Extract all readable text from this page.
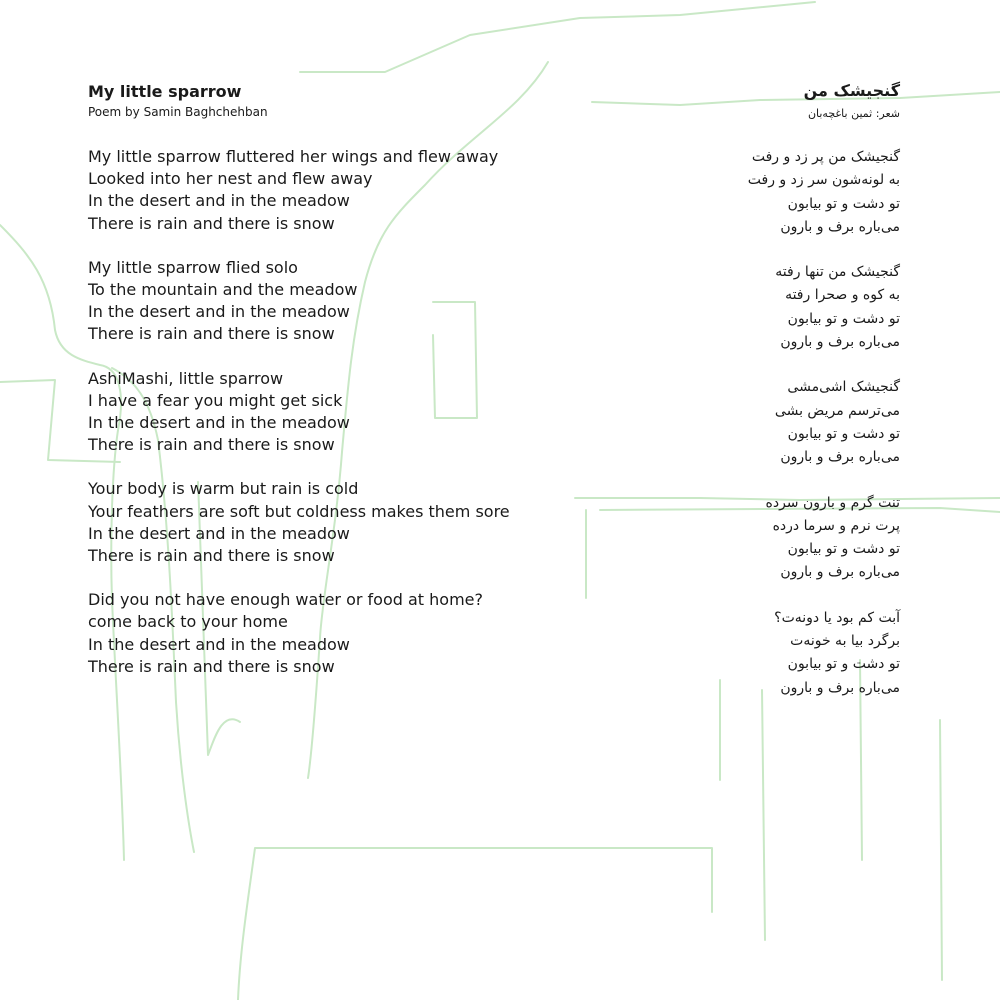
My little sparrow
Poem by Samin Baghchehban
My little sparrow fluttered her wings and flew away
Looked into her nest and flew away
In the desert and in the meadow
There is rain and there is snow
My little sparrow flied solo
To the mountain and the meadow
In the desert and in the meadow
There is rain and there is snow
AshiMashi, little sparrow
I have a fear you might get sick
In the desert and in the meadow
There is rain and there is snow
Your body is warm but rain is cold
Your feathers are soft but coldness makes them sore
In the desert and in the meadow
There is rain and there is snow
Did you not have enough water or food at home?
come back to your home
In the desert and in the meadow
There is rain and there is snow
گنجیشک من
شعر: ثمین باغچه‌بان
گنجیشک من پر زد و رفت
به لونه‌شون سر زد و رفت
تو دشت و تو بیابون
می‌باره برف و بارون
گنجیشک من تنها رفته
به کوه و صحرا رفته
تو دشت و تو بیابون
می‌باره برف و بارون
گنجیشک اشی‌مشی
می‌ترسم مریض بشی
تو دشت و تو بیابون
می‌باره برف و بارون
تنت گرم و بارون سرده
پرت نرم و سرما درده
تو دشت و تو بیابون
می‌باره برف و بارون
آبت کم بود یا دونه‌ت؟
برگرد بیا به خونه‌ت
تو دشت و تو بیابون
می‌باره برف و بارون
